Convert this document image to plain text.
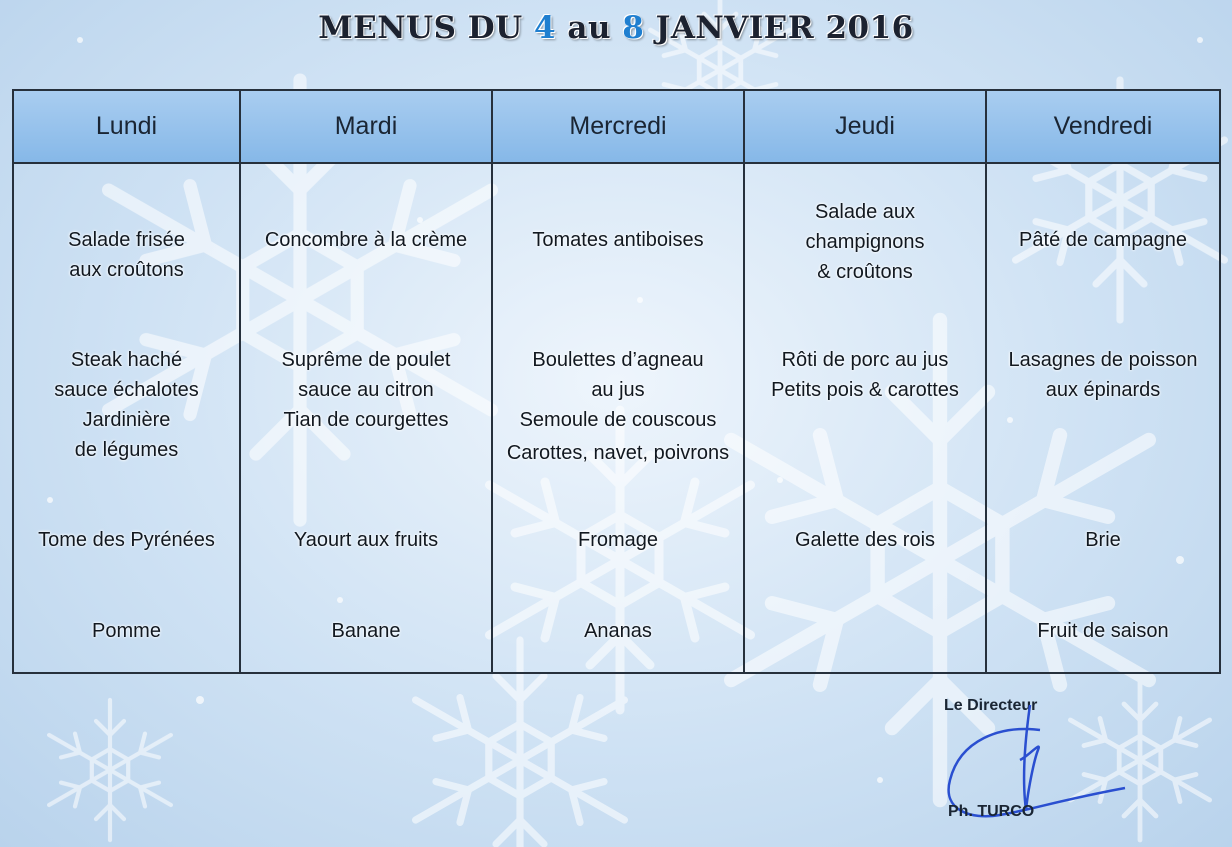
MENUS DU 4 au 8 JANVIER 2016
Lundi
Salade frisée
aux croûtons
Steak haché
sauce échalotes
Jardinière
de légumes
Tome des Pyrénées
Pomme
Mardi
Concombre à la crème
Suprême de poulet
sauce au citron
Tian de courgettes
Yaourt aux fruits
Banane
Mercredi
Tomates antiboises
Boulettes d’agneau
au jus
Semoule de couscous
Carottes, navet, poivrons
Fromage
Ananas
Jeudi
Salade aux
champignons
& croûtons
Rôti de porc au jus
Petits pois & carottes
Galette des rois
Vendredi
Pâté de campagne
Lasagnes de poisson
aux épinards
Brie
Fruit de saison
Le Directeur
Ph. TURCO
